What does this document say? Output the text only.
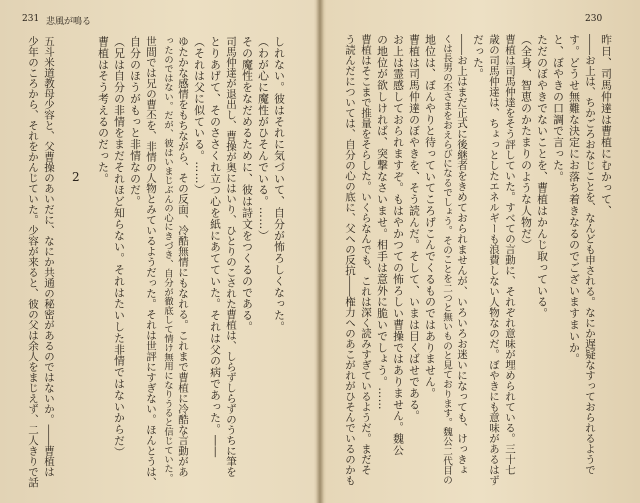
231 悲風が鳴る
しれない。彼はそれに気づいて、自分が怖ろしくなった。
（わが心に魔性がひそんでいる。……）
その魔性をなだめるために、彼は詩文をつくるのである。
司馬仲達が退出し、曹操が奥にはいり、ひとりのこされた曹植は、しらずしらずのうちに筆を
とりあげて、そのささくれ立つ心を紙にあてていた。それは父の病であった。――
（それは父に似ている。……）
ゆたかな感情をもちながら、その反面、冷酷無情にもなれる。これまで曹植に冷酷な言動があ
ったのではない。だが、彼はいまじぶんの心にきづき、自分が徹底して情け無用になりうると信じていた。
世間では兄の曹丕を、非情の人物とみているようだった。それは世評にすぎない。ほんとうは、
自分のほうがもっと非情なのだ。
（兄は自分の非情をまだそれほど知らない。それはたいした非情ではないからだ）
曹植はそう考えるのだった。
2
五斗米道教母少容と、父曹操のあいだに、なにか共通の秘密があるのではないか。――曹植は
少年のころから、それをかんじていた。少容が来ると、彼の父は余人をまじえず、二人きりで話
230
昨日、司馬仲達は曹植にむかって、
――お上は、ちかごろおなじことを、なんども申される。なにか遅疑なすっておられるようで
す。どうせ無難な決定にお落ち着きなるのでございますまいか。
と、ぼやきの口調で言った。
ただのぼやきでないことを、曹植はかんじ取っている。
（全身、智恵のかたまりのような人物だ）
曹植は司馬仲達をそう評していた。すべての言動に、それぞれ意味が埋められている。三十七
歳の司馬仲達は、ちょっとしたエネルギーも浪費しない人物なのだ。ぼやきにも意味があるはず
だった。
――お上はまだ正式に後継者をきめておられませんが、いろいろお迷いになっても、けっきょ
くは長男の丕さまをおえらびになるでしょう。そのことを二つと無いものと見ております。魏公二代目の
地位は、ぼんやりと待っていてころげこんでくるものではありません。
曹植は司馬仲達のぼやきを、そう読んだ。そして、いまは目くばせである。
お上は霊感しておられますぞ。もはやかつての怖ろしい曹操ではありません。魏公
の地位が欲しければ、突撃なさいませ。相手は意外に脆いでしょう。……
曹植はそこまで推量をそらした。いくらなんでも、これは深く読みすぎているようだ。まだそ
う読んだについては、自分の心の底に、父への反抗――権力へのあこがれがひそんでいるのかも
